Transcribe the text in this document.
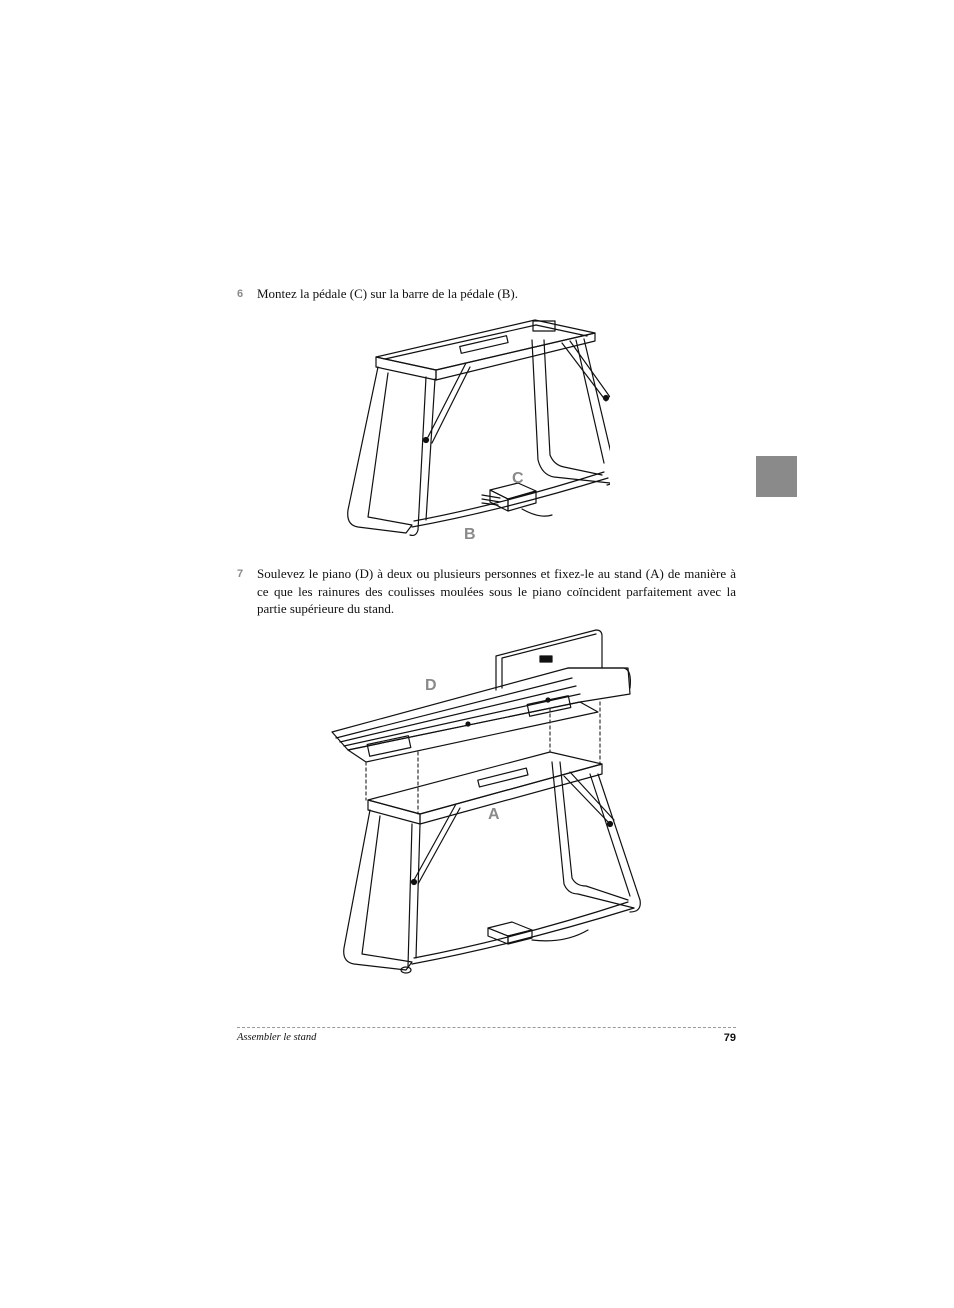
6 Montez la pédale (C) sur la barre de la pédale (B).

C
B
7 Soulevez le piano (D) à deux ou plusieurs personnes et fixez-le au stand (A) de manière à ce que les rainures des coulisses moulées sous le piano coïncident parfaitement avec la partie supérieure du stand.

D
A
Assembler le stand	79
